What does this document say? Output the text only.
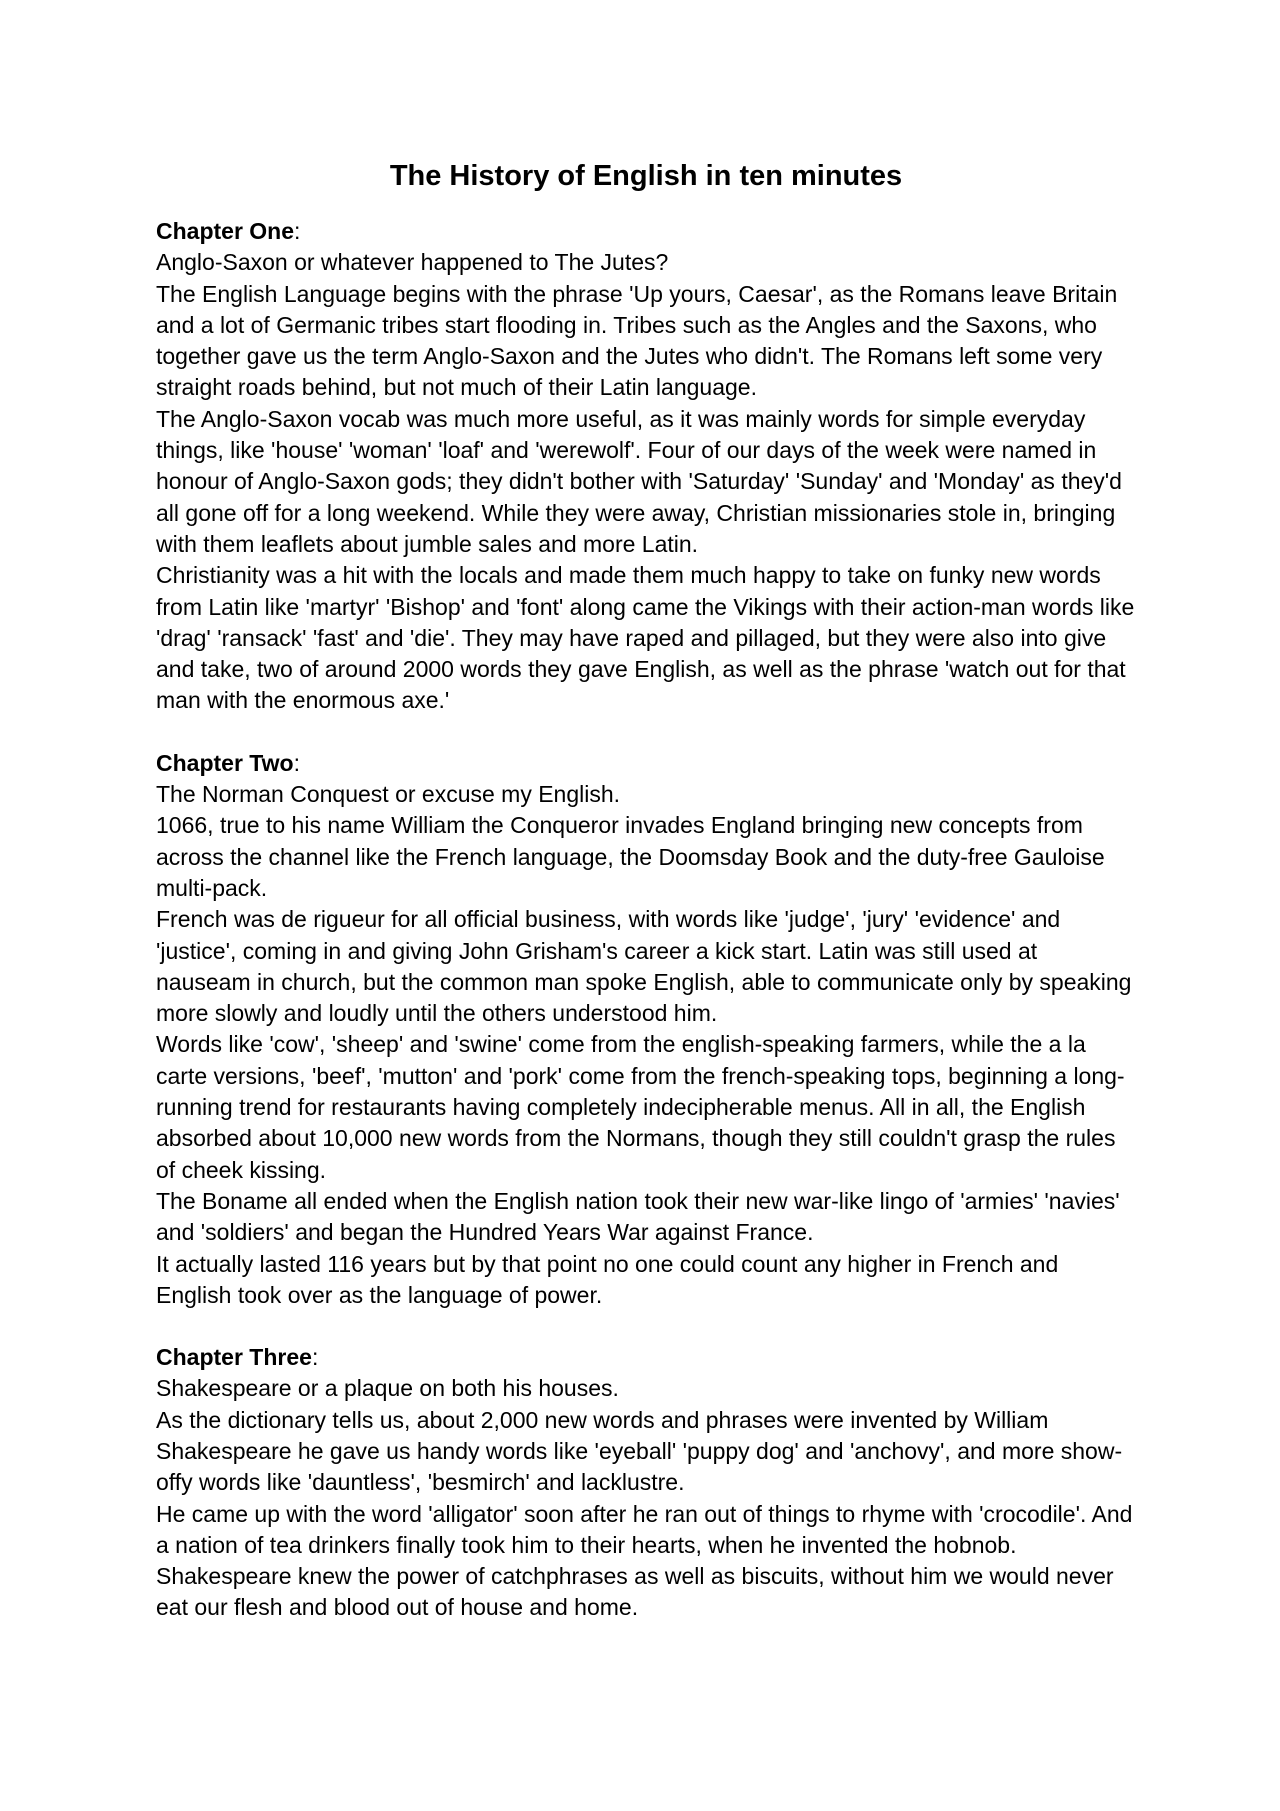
The History of English in ten minutes

Chapter One:

Anglo-Saxon or whatever happened to The Jutes?

The English Language begins with the phrase 'Up yours, Caesar', as the Romans leave Britain and a lot of Germanic tribes start flooding in. Tribes such as the Angles and the Saxons, who together gave us the term Anglo-Saxon and the Jutes who didn't. The Romans left some very straight roads behind, but not much of their Latin language.

The Anglo-Saxon vocab was much more useful, as it was mainly words for simple everyday things, like 'house' 'woman' 'loaf' and 'werewolf'. Four of our days of the week were named in honour of Anglo-Saxon gods; they didn't bother with 'Saturday' 'Sunday' and 'Monday' as they'd all gone off for a long weekend. While they were away, Christian missionaries stole in, bringing with them leaflets about jumble sales and more Latin.

Christianity was a hit with the locals and made them much happy to take on funky new words from Latin like 'martyr' 'Bishop' and 'font' along came the Vikings with their action-man words like 'drag' 'ransack' 'fast' and 'die'. They may have raped and pillaged, but they were also into give and take, two of around 2000 words they gave English, as well as the phrase 'watch out for that man with the enormous axe.'

Chapter Two:

The Norman Conquest or excuse my English.

1066, true to his name William the Conqueror invades England bringing new concepts from across the channel like the French language, the Doomsday Book and the duty-free Gauloise multi-pack.

French was de rigueur for all official business, with words like 'judge', 'jury' 'evidence' and 'justice', coming in and giving John Grisham's career a kick start. Latin was still used at nauseam in church, but the common man spoke English, able to communicate only by speaking more slowly and loudly until the others understood him.

Words like 'cow', 'sheep' and 'swine' come from the english-speaking farmers, while the a la carte versions, 'beef', 'mutton' and 'pork' come from the french-speaking tops, beginning a long-running trend for restaurants having completely indecipherable menus. All in all, the English absorbed about 10,000 new words from the Normans, though they still couldn't grasp the rules of cheek kissing.

The Boname all ended when the English nation took their new war-like lingo of 'armies' 'navies' and 'soldiers' and began the Hundred Years War against France.

It actually lasted 116 years but by that point no one could count any higher in French and English took over as the language of power.

Chapter Three:

Shakespeare or a plaque on both his houses.

As the dictionary tells us, about 2,000 new words and phrases were invented by William Shakespeare he gave us handy words like 'eyeball' 'puppy dog' and 'anchovy', and more show- offy words like 'dauntless', 'besmirch' and lacklustre.

He came up with the word 'alligator' soon after he ran out of things to rhyme with 'crocodile'. And a nation of tea drinkers finally took him to their hearts, when he invented the hobnob. Shakespeare knew the power of catchphrases as well as biscuits, without him we would never eat our flesh and blood out of house and home.
